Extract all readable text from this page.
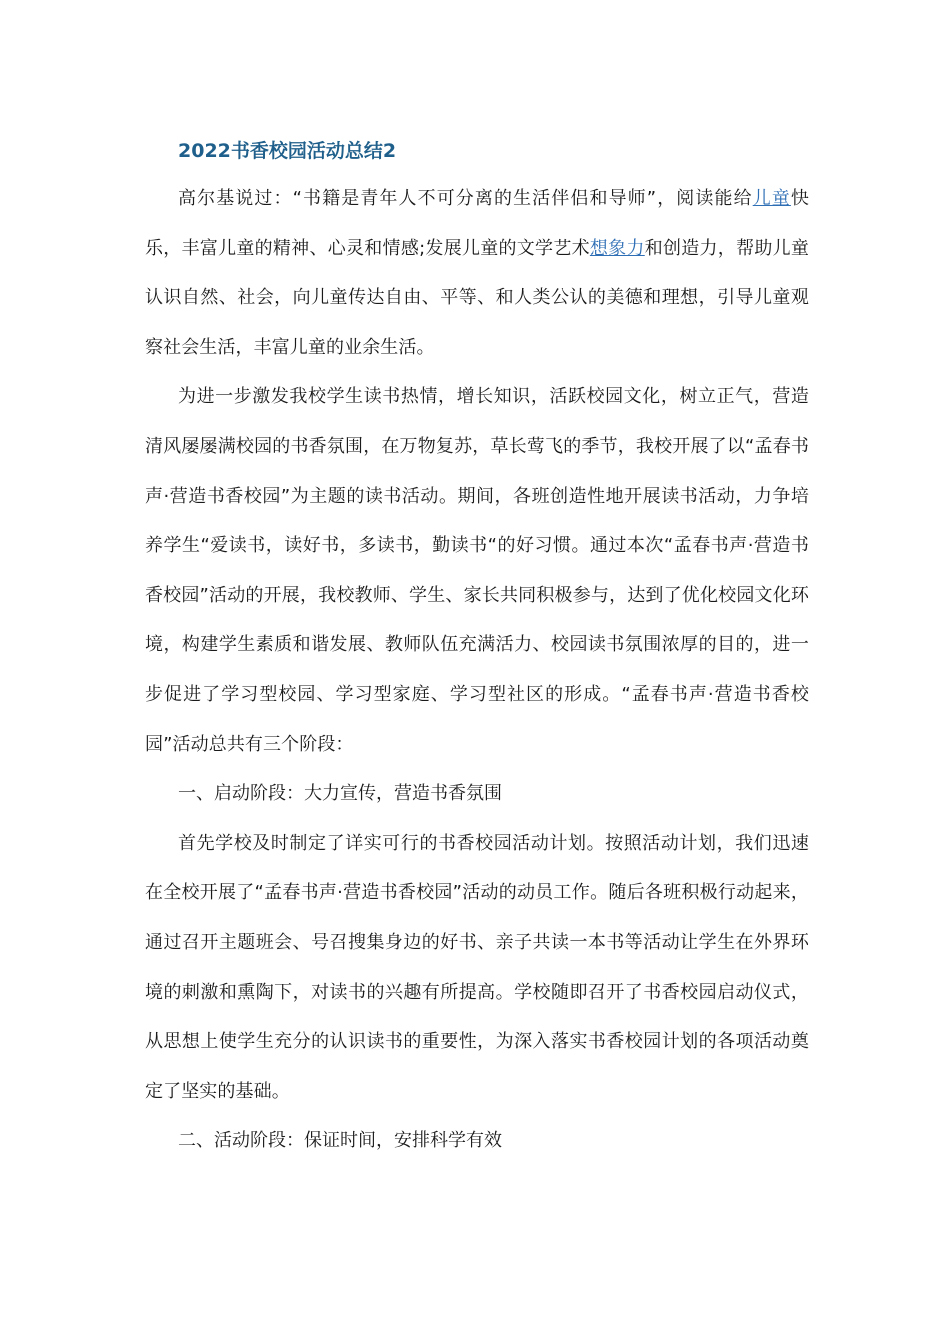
2022书香校园活动总结2

高尔基说过：“书籍是青年人不可分离的生活伴侣和导师”，阅读能给儿童快乐，丰富儿童的精神、心灵和情感;发展儿童的文学艺术想象力和创造力，帮助儿童认识自然、社会，向儿童传达自由、平等、和人类公认的美德和理想，引导儿童观察社会生活，丰富儿童的业余生活。

为进一步激发我校学生读书热情，增长知识，活跃校园文化，树立正气，营造清风屡屡满校园的书香氛围，在万物复苏，草长莺飞的季节，我校开展了以“孟春书声·营造书香校园”为主题的读书活动。期间，各班创造性地开展读书活动，力争培养学生“爱读书，读好书，多读书，勤读书“的好习惯。通过本次“孟春书声·营造书香校园”活动的开展，我校教师、学生、家长共同积极参与，达到了优化校园文化环境，构建学生素质和谐发展、教师队伍充满活力、校园读书氛围浓厚的目的，进一步促进了学习型校园、学习型家庭、学习型社区的形成。“孟春书声·营造书香校园”活动总共有三个阶段：

一、启动阶段：大力宣传，营造书香氛围

首先学校及时制定了详实可行的书香校园活动计划。按照活动计划，我们迅速在全校开展了“孟春书声·营造书香校园”活动的动员工作。随后各班积极行动起来，通过召开主题班会、号召搜集身边的好书、亲子共读一本书等活动让学生在外界环境的刺激和熏陶下，对读书的兴趣有所提高。学校随即召开了书香校园启动仪式，从思想上使学生充分的认识读书的重要性，为深入落实书香校园计划的各项活动奠定了坚实的基础。

二、活动阶段：保证时间，安排科学有效
